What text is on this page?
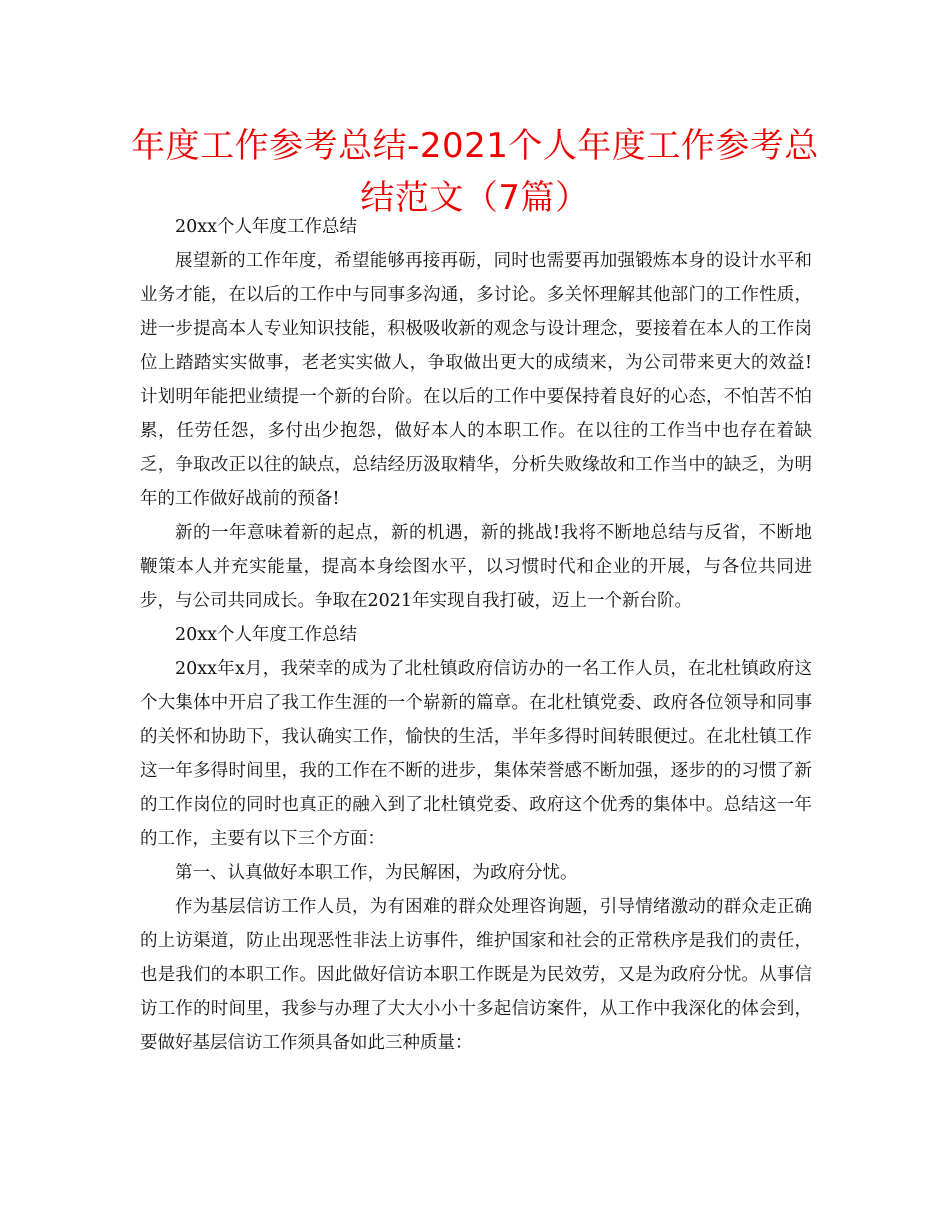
年度工作参考总结-2021个人年度工作参考总结范文（7篇）

20xx个人年度工作总结

展望新的工作年度，希望能够再接再砺，同时也需要再加强锻炼本身的设计水平和业务才能，在以后的工作中与同事多沟通，多讨论。多关怀理解其他部门的工作性质，进一步提高本人专业知识技能，积极吸收新的观念与设计理念，要接着在本人的工作岗位上踏踏实实做事，老老实实做人，争取做出更大的成绩来，为公司带来更大的效益!计划明年能把业绩提一个新的台阶。在以后的工作中要保持着良好的心态，不怕苦不怕累，任劳任怨，多付出少抱怨，做好本人的本职工作。在以往的工作当中也存在着缺乏，争取改正以往的缺点，总结经历汲取精华，分析失败缘故和工作当中的缺乏，为明年的工作做好战前的预备!

新的一年意味着新的起点，新的机遇，新的挑战!我将不断地总结与反省，不断地鞭策本人并充实能量，提高本身绘图水平，以习惯时代和企业的开展，与各位共同进步，与公司共同成长。争取在2021年实现自我打破，迈上一个新台阶。

20xx个人年度工作总结

20xx年x月，我荣幸的成为了北杜镇政府信访办的一名工作人员，在北杜镇政府这个大集体中开启了我工作生涯的一个崭新的篇章。在北杜镇党委、政府各位领导和同事的关怀和协助下，我认确实工作，愉快的生活，半年多得时间转眼便过。在北杜镇工作这一年多得时间里，我的工作在不断的进步，集体荣誉感不断加强，逐步的的习惯了新的工作岗位的同时也真正的融入到了北杜镇党委、政府这个优秀的集体中。总结这一年的工作，主要有以下三个方面：

第一、认真做好本职工作，为民解困，为政府分忧。

作为基层信访工作人员，为有困难的群众处理咨询题，引导情绪激动的群众走正确的上访渠道，防止出现恶性非法上访事件，维护国家和社会的正常秩序是我们的责任，也是我们的本职工作。因此做好信访本职工作既是为民效劳，又是为政府分忧。从事信访工作的时间里，我参与办理了大大小小十多起信访案件，从工作中我深化的体会到，要做好基层信访工作须具备如此三种质量：
